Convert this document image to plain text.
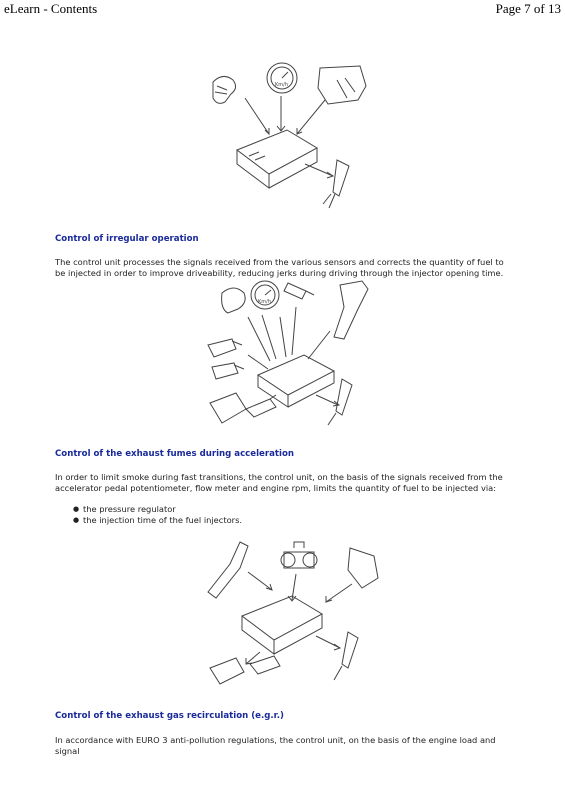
eLearn - Contents	Page 7 of 13
Km/h
Control of irregular operation
The control unit processes the signals received from the various sensors and corrects the quantity of fuel to be injected in order to improve driveability, reducing jerks during driving through the injector opening time.
Km/h
Control of the exhaust fumes during acceleration
In order to limit smoke during fast transitions, the control unit, on the basis of the signals received from the accelerator pedal potentiometer, flow meter and engine rpm, limits the quantity of fuel to be injected via:
● the pressure regulator
● the injection time of the fuel injectors.
Control of the exhaust gas recirculation (e.g.r.)
In accordance with EURO 3 anti-pollution regulations, the control unit, on the basis of the engine load and signal
